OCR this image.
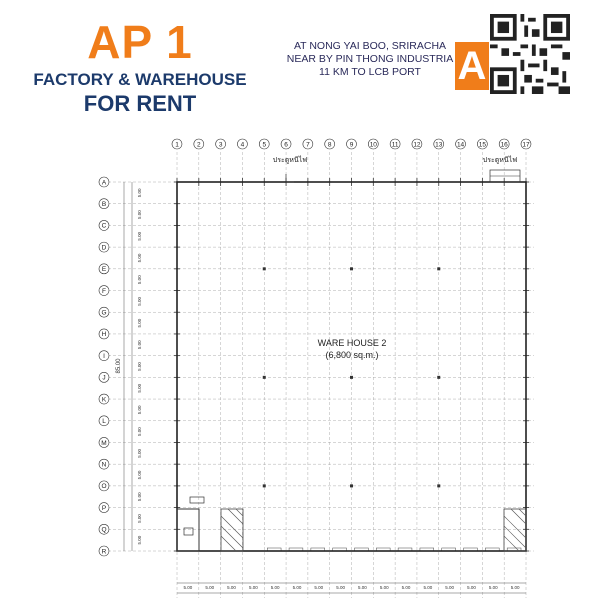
AP 1
FACTORY & WAREHOUSE
FOR RENT
AT NONG YAI BOO, SRIRACHA
NEAR BY PIN THONG INDUSTRIA
11 KM TO LCB PORT A
1	2	3	4	5	6	7	8	9	10 11 12 13 14 15 16 17
A
B
C
D
E
F
G
H
I
J
K
L
M
N
O
P
Q
R
5.00	5.00	5.00	5.00	5.00	5.00	5.00	5.00	5.00	5.00	5.00	5.00	5.00	5.00	5.00	5.00
5.00
5.00
5.00
5.00
5.00
5.00
5.00
5.00
5.00
5.00
5.00
5.00
5.00
5.00
5.00
5.00
5.00
ประตูหนีไฟ	ประตูหนีไฟ
WARE HOUSE 2
(6,800 sq.m.)
85.00
